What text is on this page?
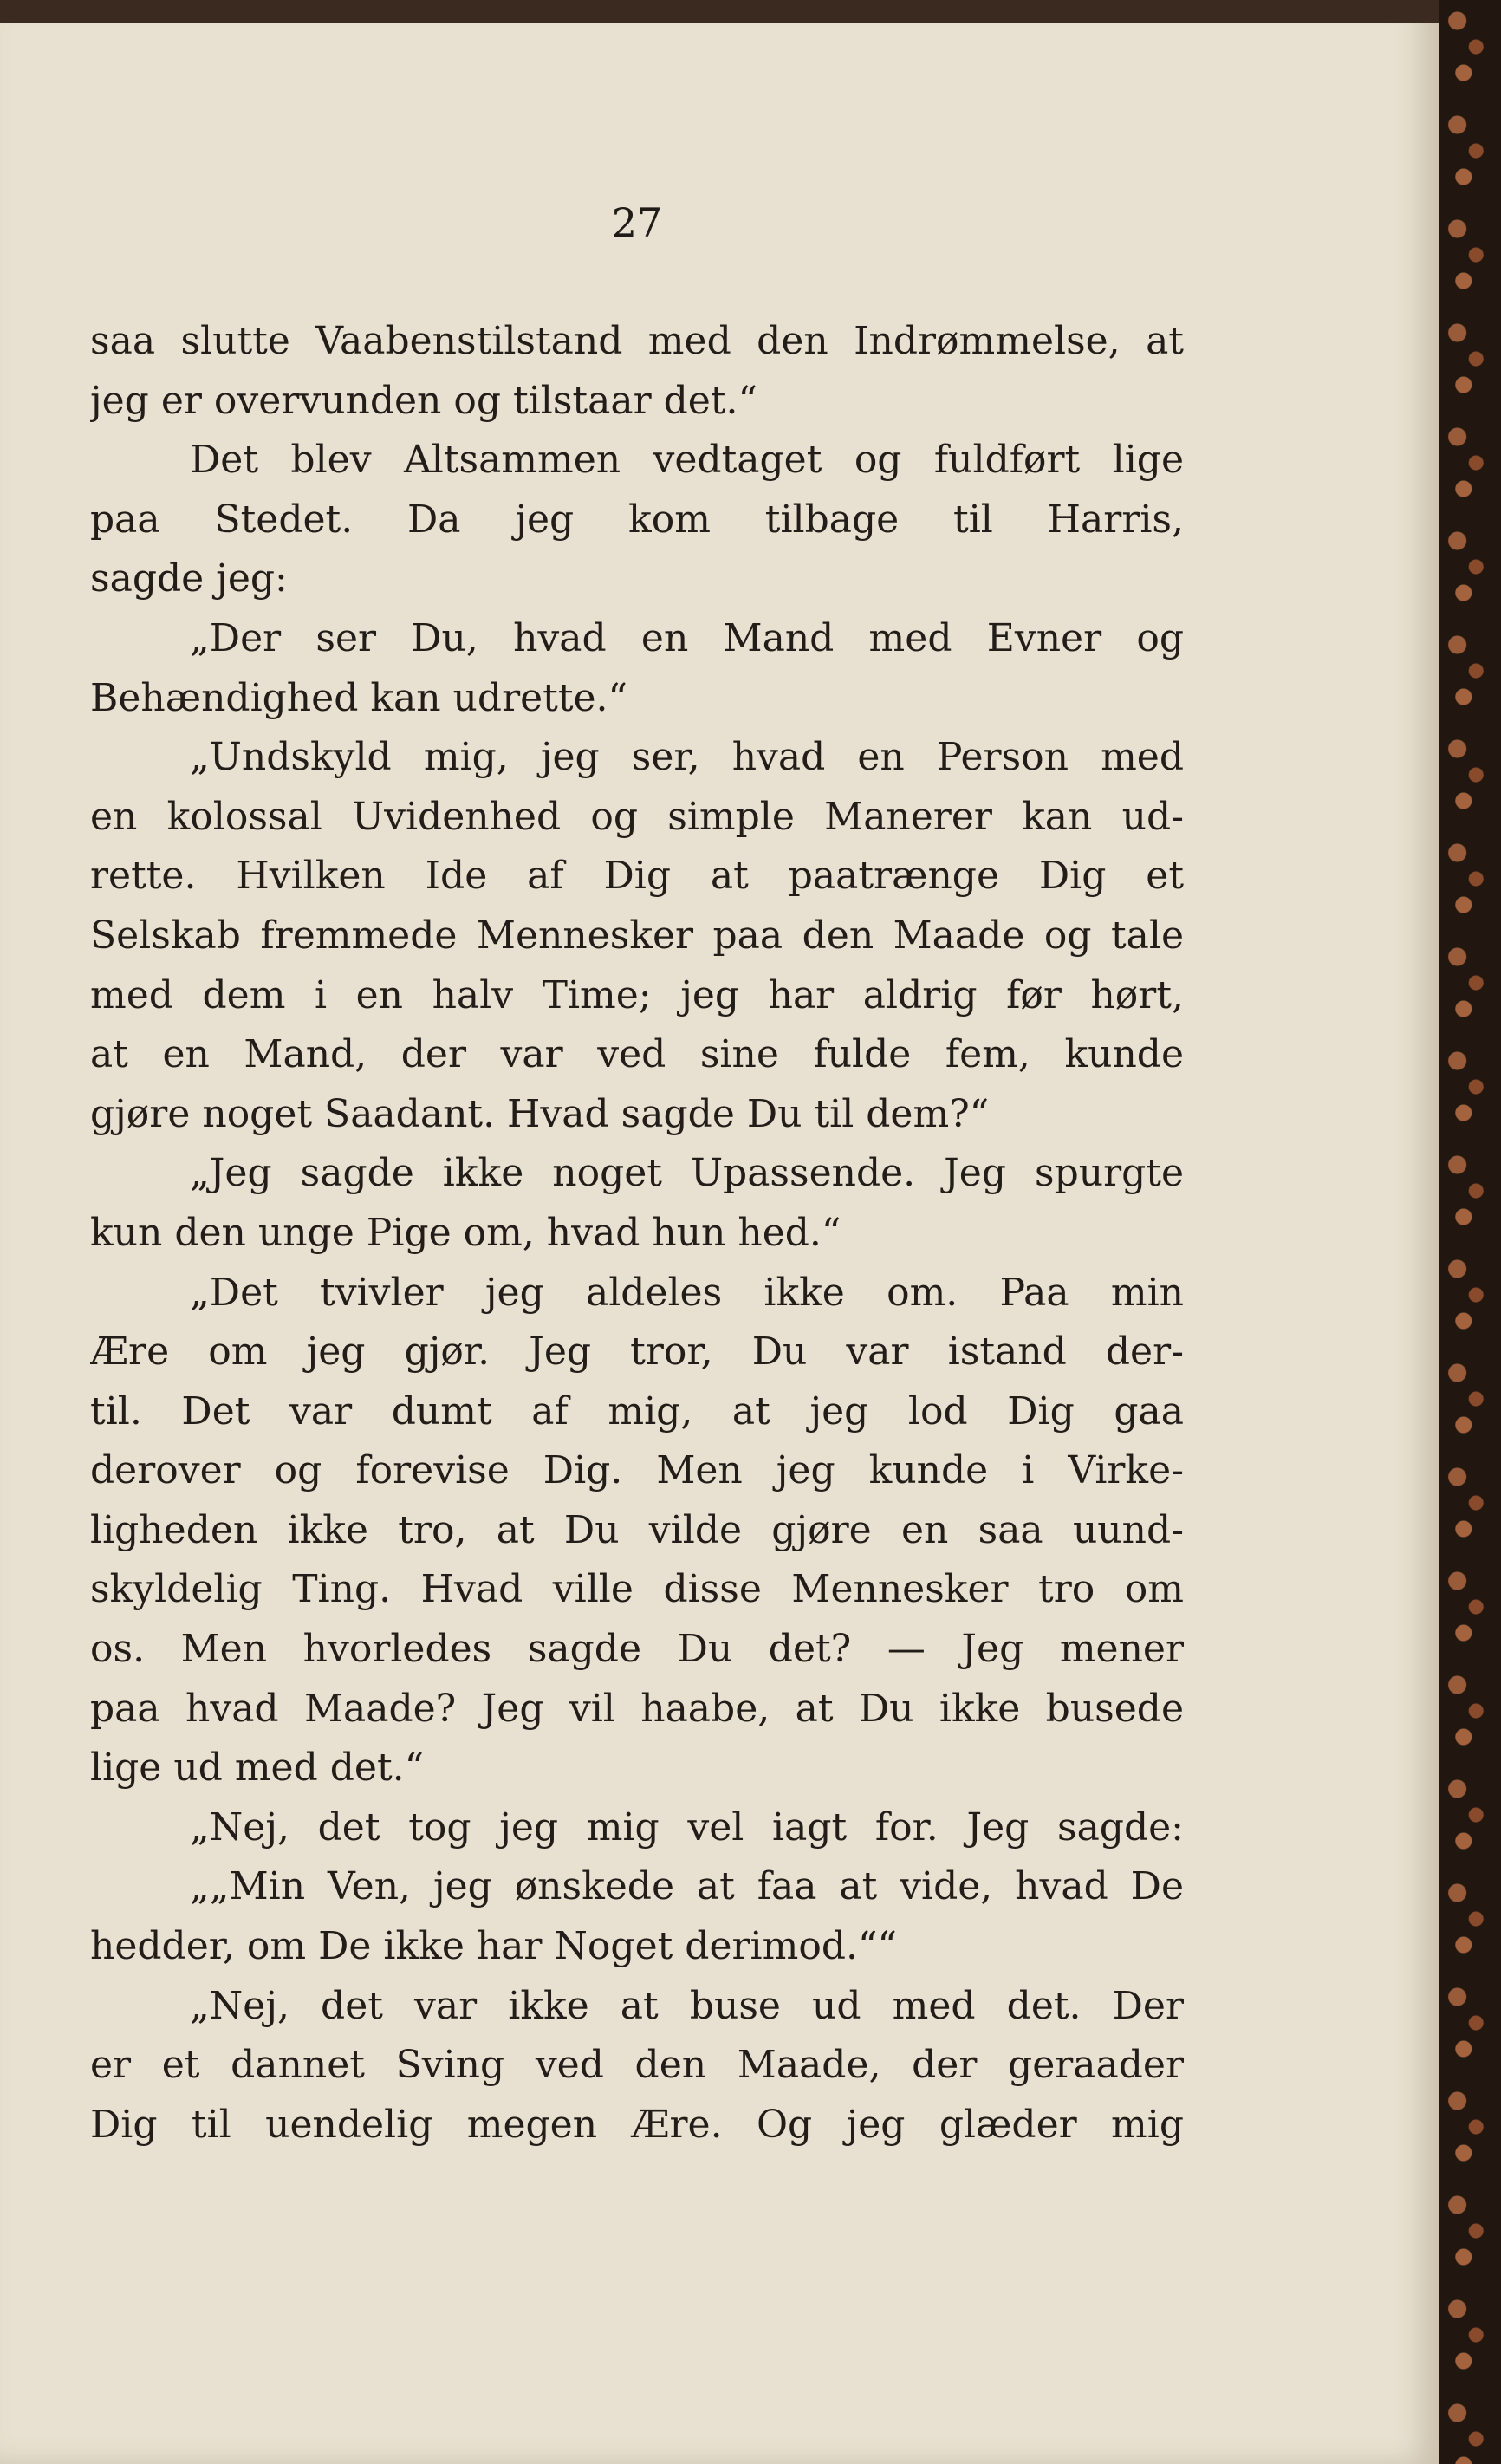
27
saa slutte Vaabenstilstand med den Indrømmelse, at
jeg er overvunden og tilstaar det.“
Det blev Altsammen vedtaget og fuldført lige
paa Stedet. Da jeg kom tilbage til Harris,
sagde jeg:
„Der ser Du, hvad en Mand med Evner og
Behændighed kan udrette.“
„Undskyld mig, jeg ser, hvad en Person med
en kolossal Uvidenhed og simple Manerer kan ud-
rette. Hvilken Ide af Dig at paatrænge Dig et
Selskab fremmede Mennesker paa den Maade og tale
med dem i en halv Time; jeg har aldrig før hørt,
at en Mand, der var ved sine fulde fem, kunde
gjøre noget Saadant. Hvad sagde Du til dem?“
„Jeg sagde ikke noget Upassende. Jeg spurgte
kun den unge Pige om, hvad hun hed.“
„Det tvivler jeg aldeles ikke om. Paa min
Ære om jeg gjør. Jeg tror, Du var istand der-
til. Det var dumt af mig, at jeg lod Dig gaa
derover og forevise Dig. Men jeg kunde i Virke-
ligheden ikke tro, at Du vilde gjøre en saa uund-
skyldelig Ting. Hvad ville disse Mennesker tro om
os. Men hvorledes sagde Du det? — Jeg mener
paa hvad Maade? Jeg vil haabe, at Du ikke busede
lige ud med det.“
„Nej, det tog jeg mig vel iagt for. Jeg sagde:
„„Min Ven, jeg ønskede at faa at vide, hvad De
hedder, om De ikke har Noget derimod.““
„Nej, det var ikke at buse ud med det. Der
er et dannet Sving ved den Maade, der geraader
Dig til uendelig megen Ære. Og jeg glæder mig
